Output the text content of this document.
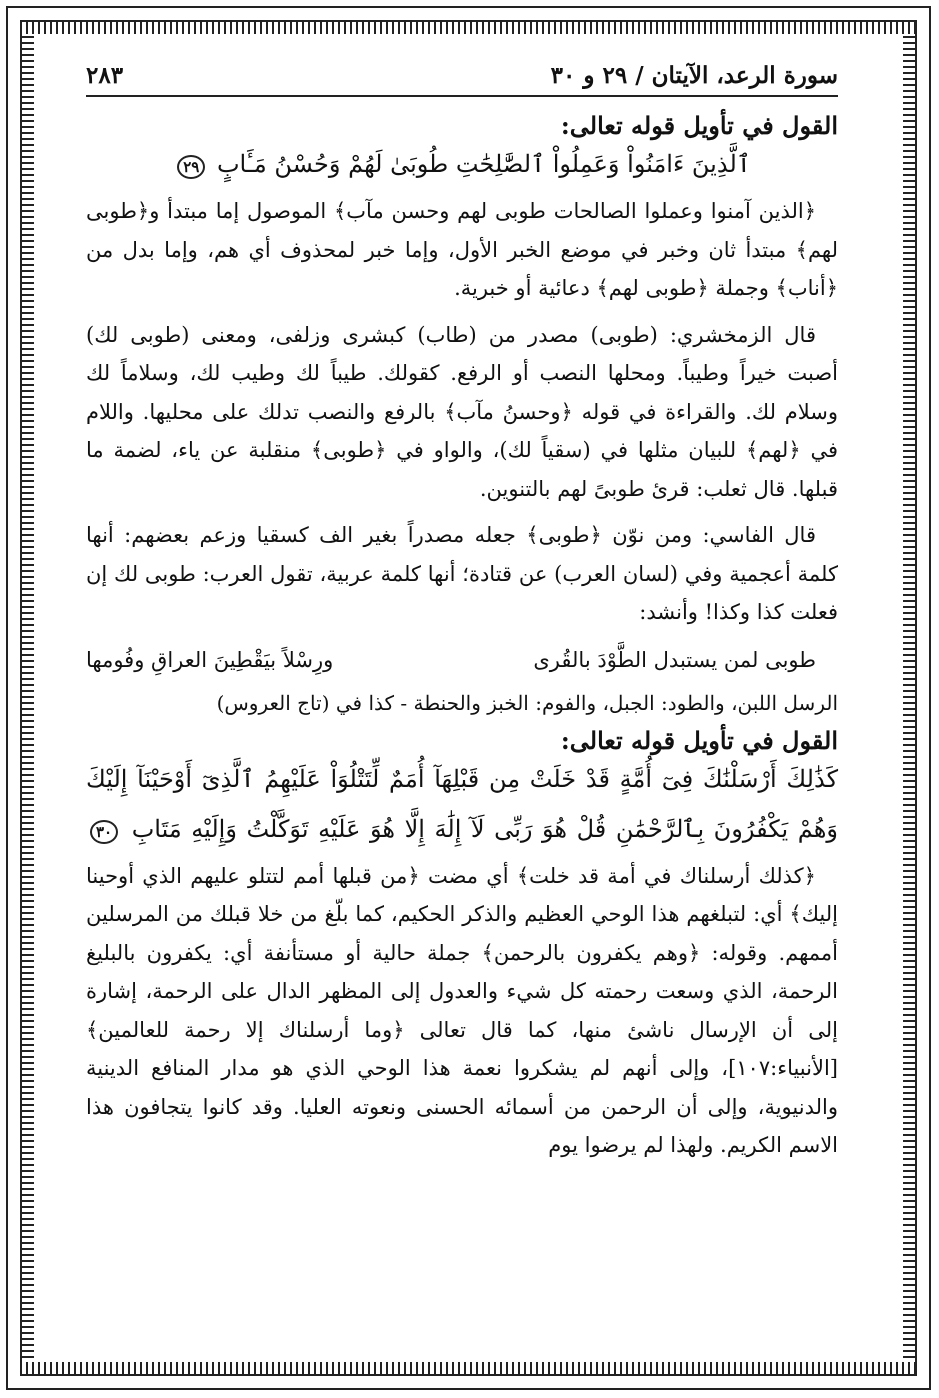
سورة الرعد، الآيتان / ٢٩ و ٣٠
٢٨٣
القول في تأويل قوله تعالى:
ٱلَّذِينَ ءَامَنُواْ وَعَمِلُواْ ٱلصَّٰلِحَٰتِ طُوبَىٰ لَهُمْ وَحُسْنُ مَـَٔابٍ ٢٩

﴿الذين آمنوا وعملوا الصالحات طوبى لهم وحسن مآب﴾ الموصول إما مبتدأ و﴿طوبى لهم﴾ مبتدأ ثان وخبر في موضع الخبر الأول، وإما خبر لمحذوف أي هم، وإما بدل من ﴿أناب﴾ وجملة ﴿طوبى لهم﴾ دعائية أو خبرية.

قال الزمخشري: (طوبى) مصدر من (طاب) كبشرى وزلفى، ومعنى (طوبى لك) أصبت خيراً وطيباً. ومحلها النصب أو الرفع. كقولك. طيباً لك وطيب لك، وسلاماً لك وسلام لك. والقراءة في قوله ﴿وحسنُ مآب﴾ بالرفع والنصب تدلك على محليها. واللام في ﴿لهم﴾ للبيان مثلها في (سقياً لك)، والواو في ﴿طوبى﴾ منقلبة عن ياء، لضمة ما قبلها. قال ثعلب: قرئ طوبىً لهم بالتنوين.

قال الفاسي: ومن نوّن ﴿طوبى﴾ جعله مصدراً بغير الف كسقيا وزعم بعضهم: أنها كلمة أعجمية وفي (لسان العرب) عن قتادة؛ أنها كلمة عربية، تقول العرب: طوبى لك إن فعلت كذا وكذا! وأنشد:

طوبى لمن يستبدل الطَّوْدَ بالقُرى
ورِسْلاً بيَقْطِينَ العراقِ وفُومها
الرسل اللبن، والطود: الجبل، والفوم: الخبز والحنطة - كذا في (تاج العروس)
القول في تأويل قوله تعالى:
كَذَٰلِكَ أَرْسَلْنَٰكَ فِىٓ أُمَّةٍ قَدْ خَلَتْ مِن قَبْلِهَآ أُمَمٌ لِّتَتْلُوَاْ عَلَيْهِمُ ٱلَّذِىٓ أَوْحَيْنَآ إِلَيْكَ
وَهُمْ يَكْفُرُونَ بِٱلرَّحْمَٰنِ قُلْ هُوَ رَبِّى لَآ إِلَٰهَ إِلَّا هُوَ عَلَيْهِ تَوَكَّلْتُ وَإِلَيْهِ مَتَابِ ٣٠

﴿كذلك أرسلناك في أمة قد خلت﴾ أي مضت ﴿من قبلها أمم لتتلو عليهم الذي أوحينا إليك﴾ أي: لتبلغهم هذا الوحي العظيم والذكر الحكيم، كما بلّغ من خلا قبلك من المرسلين أممهم. وقوله: ﴿وهم يكفرون بالرحمن﴾ جملة حالية أو مستأنفة أي: يكفرون بالبليغ الرحمة، الذي وسعت رحمته كل شيء والعدول إلى المظهر الدال على الرحمة، إشارة إلى أن الإرسال ناشئ منها، كما قال تعالى ﴿وما أرسلناك إلا رحمة للعالمين﴾ [الأنبياء:١٠٧]، وإلى أنهم لم يشكروا نعمة هذا الوحي الذي هو مدار المنافع الدينية والدنيوية، وإلى أن الرحمن من أسمائه الحسنى ونعوته العليا. وقد كانوا يتجافون هذا الاسم الكريم. ولهذا لم يرضوا يوم
